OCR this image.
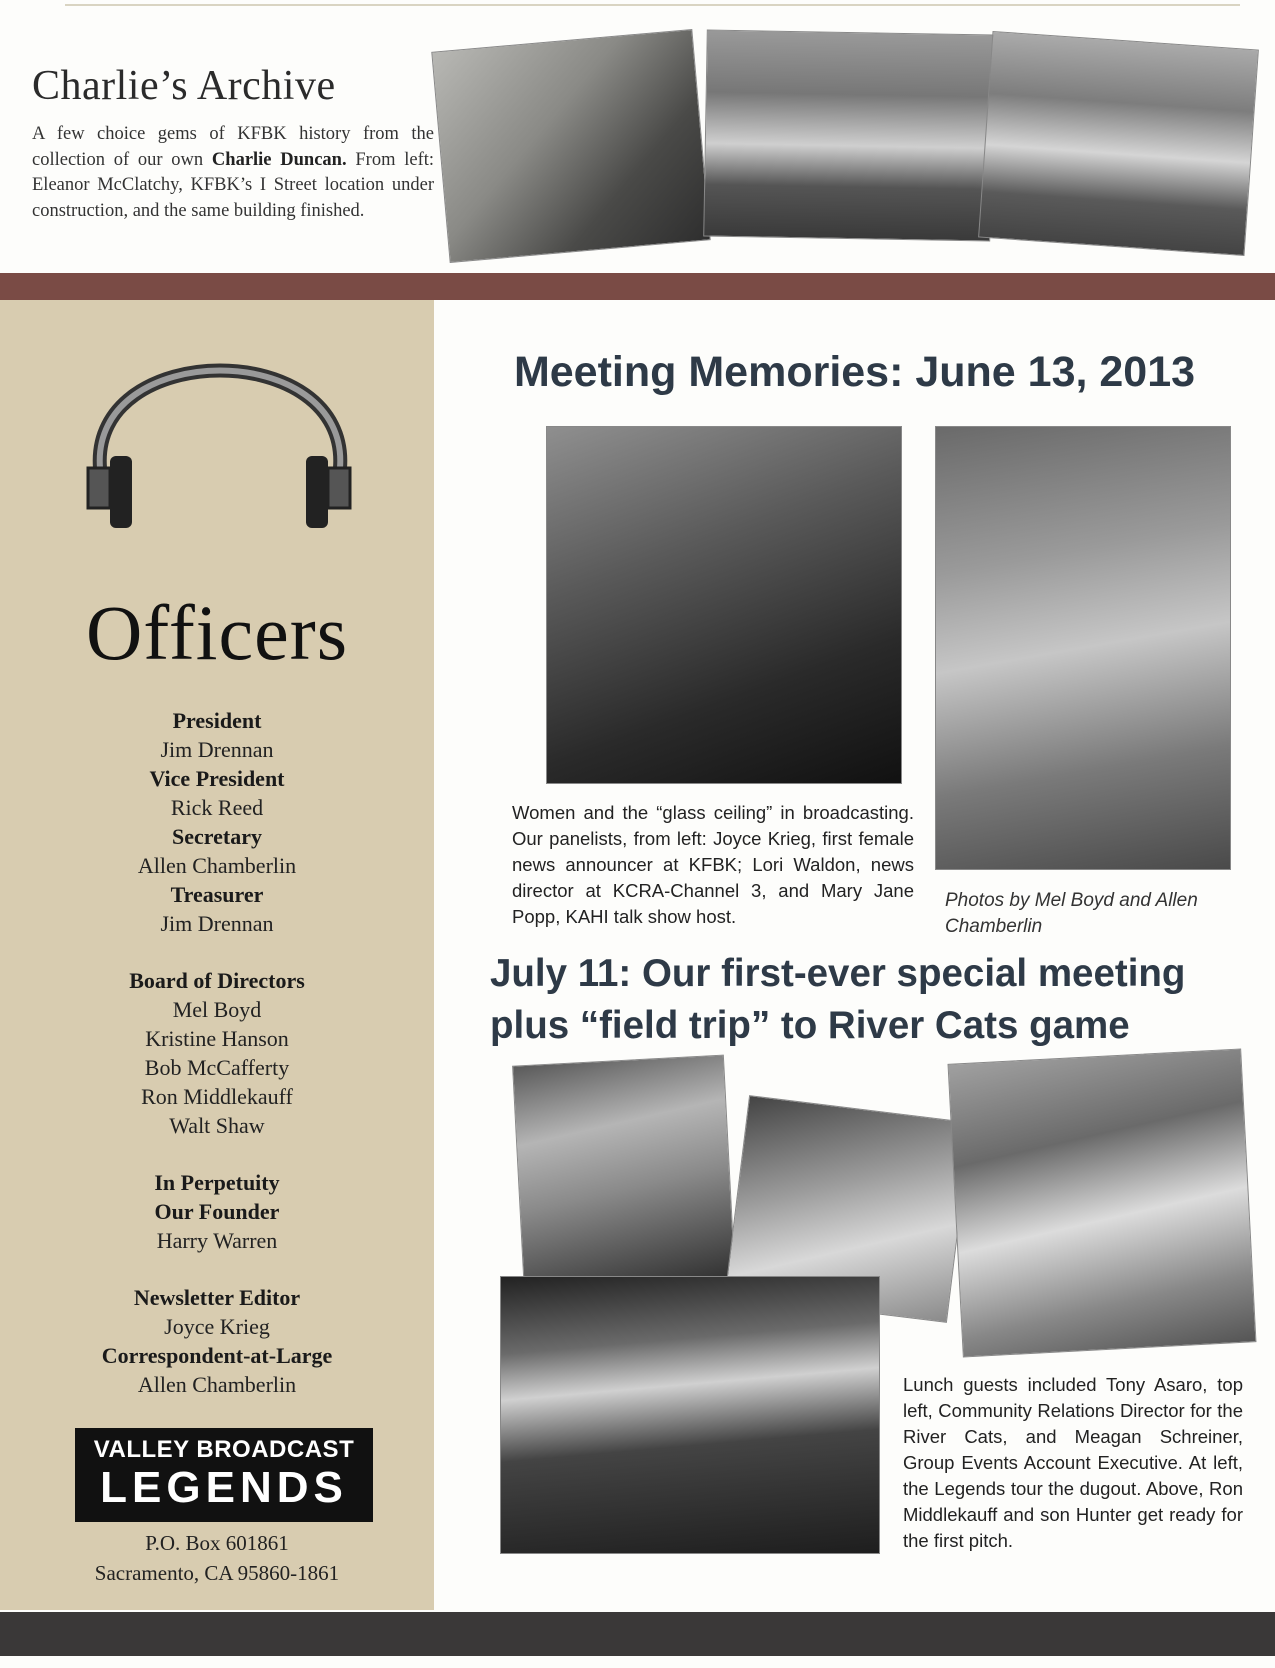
Charlie’s Archive
A few choice gems of KFBK history from the collection of our own Charlie Duncan. From left: Eleanor McClatchy, KFBK’s I Street location under construction, and the same building finished.
Officers
President
Jim Drennan
Vice President
Rick Reed
Secretary
Allen Chamberlin
Treasurer
Jim Drennan
Board of Directors
Mel Boyd
Kristine Hanson
Bob McCafferty
Ron Middlekauff
Walt Shaw
In Perpetuity
Our Founder
Harry Warren
Newsletter Editor
Joyce Krieg
Correspondent-at-Large
Allen Chamberlin
VALLEY BROADCAST
LEGENDS
P.O. Box 601861
Sacramento, CA 95860-1861
Meeting Memories: June 13, 2013
Women and the “glass ceiling” in broadcasting. Our panelists, from left: Joyce Krieg, first female news announcer at KFBK; Lori Waldon, news director at KCRA-Channel 3, and Mary Jane Popp, KAHI talk show host.
Photos by Mel Boyd and Allen Chamberlin
July 11: Our first-ever special meeting plus “field trip” to River Cats game
Lunch guests included Tony Asaro, top left, Community Relations Director for the River Cats, and Meagan Schreiner, Group Events Account Executive. At left, the Legends tour the dugout. Above, Ron Middlekauff and son Hunter get ready for the first pitch.
